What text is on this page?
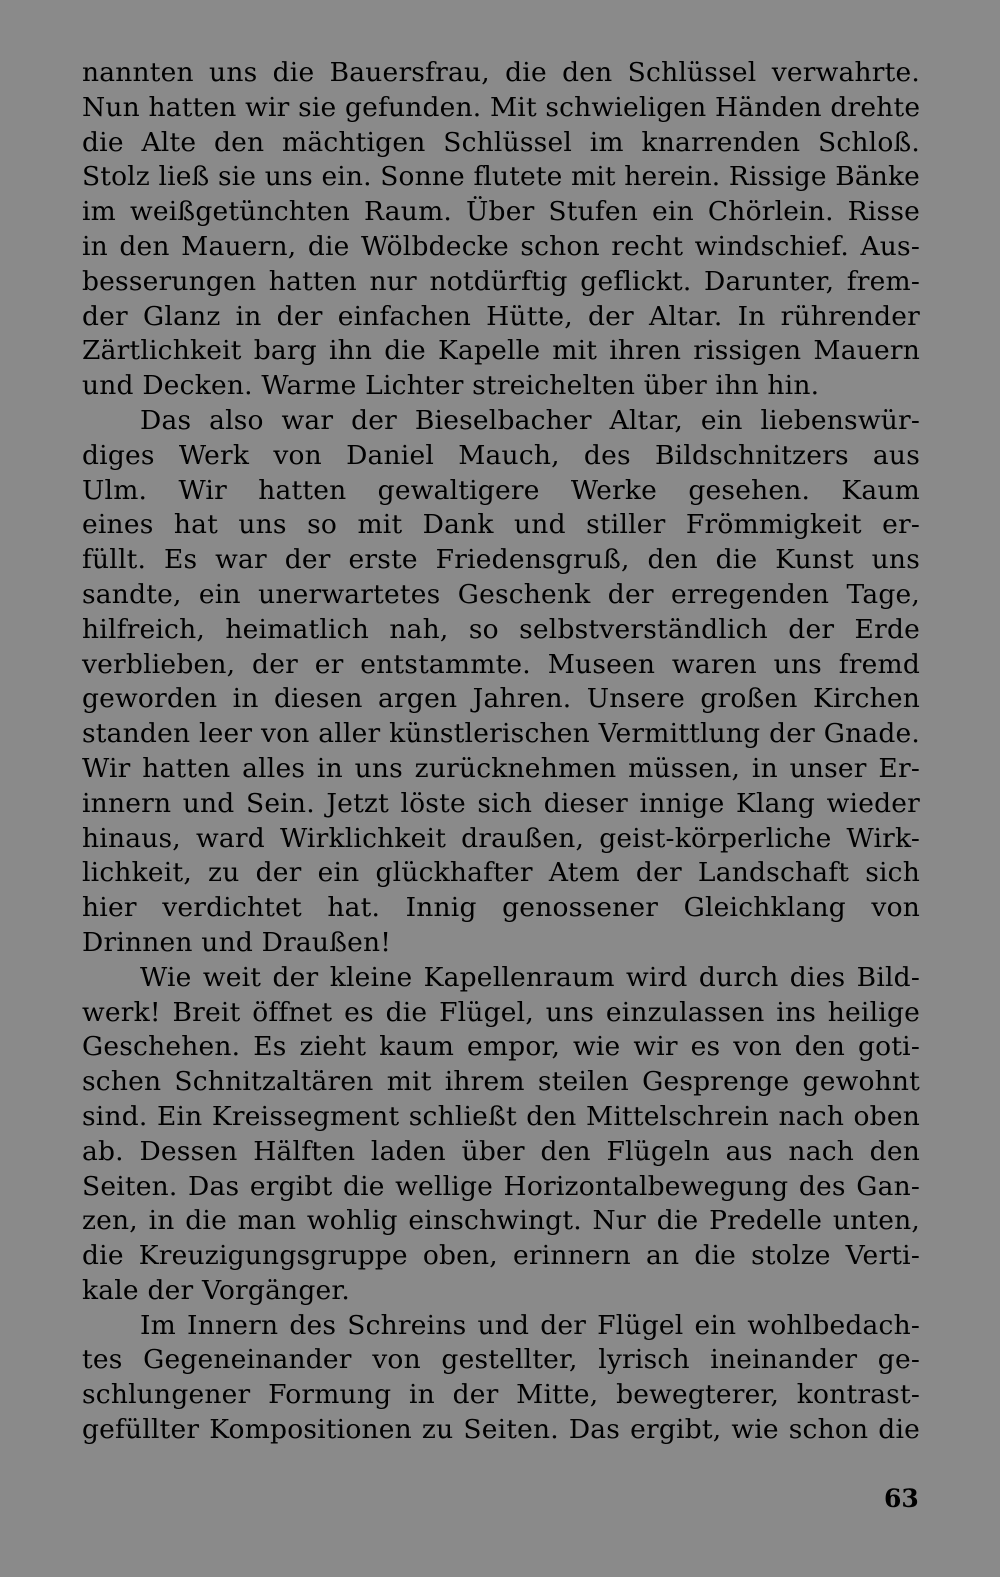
nannten uns die Bauersfrau, die den Schlüssel verwahrte.
Nun hatten wir sie gefunden. Mit schwieligen Händen drehte
die Alte den mächtigen Schlüssel im knarrenden Schloß.
Stolz ließ sie uns ein. Sonne flutete mit herein. Rissige Bänke
im weißgetünchten Raum. Über Stufen ein Chörlein. Risse
in den Mauern, die Wölbdecke schon recht windschief. Aus-
besserungen hatten nur notdürftig geflickt. Darunter, frem-
der Glanz in der einfachen Hütte, der Altar. In rührender
Zärtlichkeit barg ihn die Kapelle mit ihren rissigen Mauern
und Decken. Warme Lichter streichelten über ihn hin.
Das also war der Bieselbacher Altar, ein liebenswür-
diges Werk von Daniel Mauch, des Bildschnitzers aus
Ulm. Wir hatten gewaltigere Werke gesehen. Kaum
eines hat uns so mit Dank und stiller Frömmigkeit er-
füllt. Es war der erste Friedensgruß, den die Kunst uns
sandte, ein unerwartetes Geschenk der erregenden Tage,
hilfreich, heimatlich nah, so selbstverständlich der Erde
verblieben, der er entstammte. Museen waren uns fremd
geworden in diesen argen Jahren. Unsere großen Kirchen
standen leer von aller künstlerischen Vermittlung der Gnade.
Wir hatten alles in uns zurücknehmen müssen, in unser Er-
innern und Sein. Jetzt löste sich dieser innige Klang wieder
hinaus, ward Wirklichkeit draußen, geist-körperliche Wirk-
lichkeit, zu der ein glückhafter Atem der Landschaft sich
hier verdichtet hat. Innig genossener Gleichklang von
Drinnen und Draußen!
Wie weit der kleine Kapellenraum wird durch dies Bild-
werk! Breit öffnet es die Flügel, uns einzulassen ins heilige
Geschehen. Es zieht kaum empor, wie wir es von den goti-
schen Schnitzaltären mit ihrem steilen Gesprenge gewohnt
sind. Ein Kreissegment schließt den Mittelschrein nach oben
ab. Dessen Hälften laden über den Flügeln aus nach den
Seiten. Das ergibt die wellige Horizontalbewegung des Gan-
zen, in die man wohlig einschwingt. Nur die Predelle unten,
die Kreuzigungsgruppe oben, erinnern an die stolze Verti-
kale der Vorgänger.
Im Innern des Schreins und der Flügel ein wohlbedach-
tes Gegeneinander von gestellter, lyrisch ineinander ge-
schlungener Formung in der Mitte, bewegterer, kontrast-
gefüllter Kompositionen zu Seiten. Das ergibt, wie schon die
63
